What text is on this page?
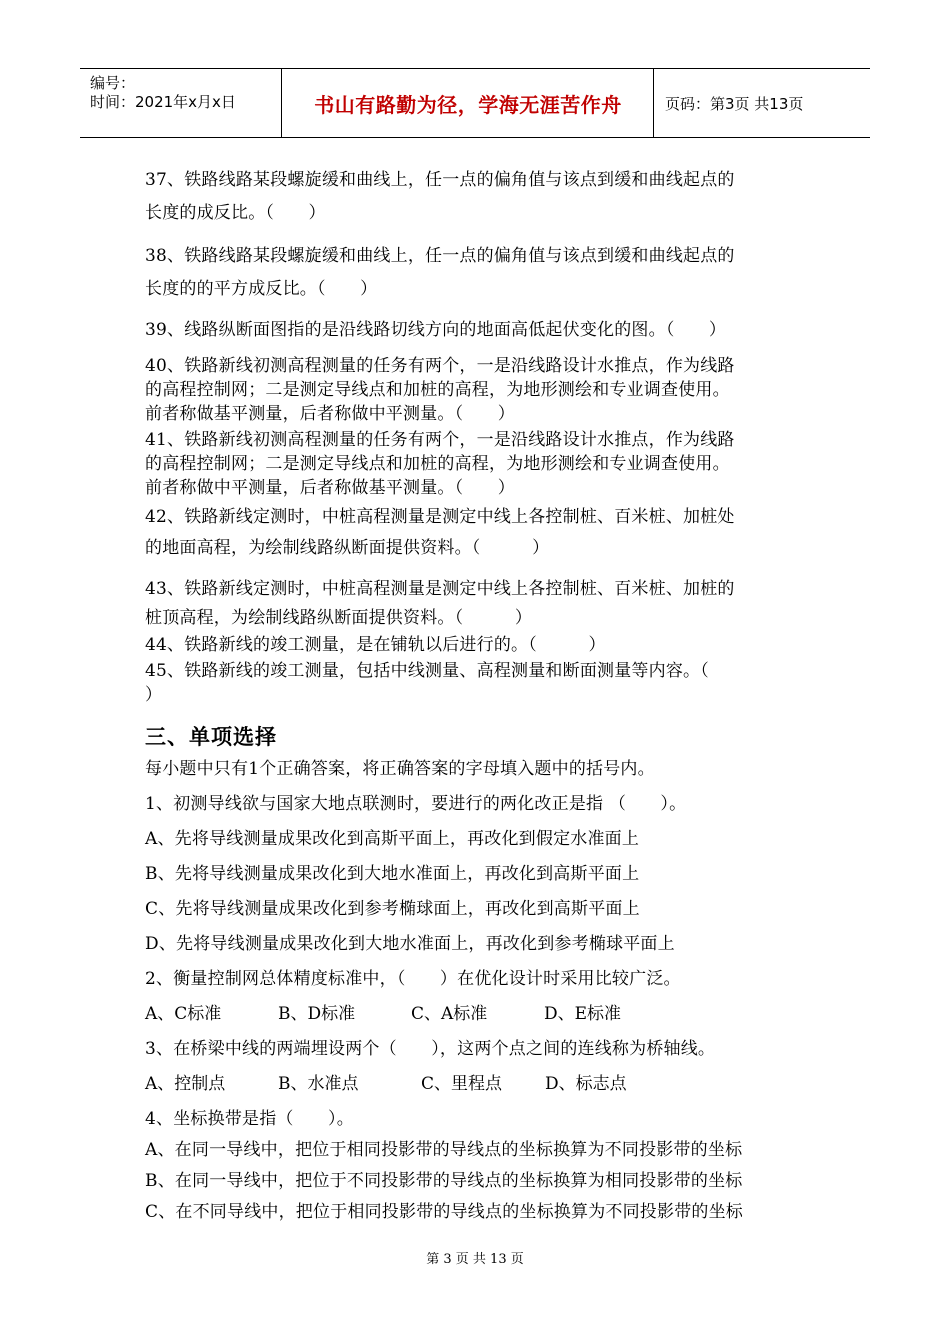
编号：
时间：2021年x月x日	书山有路勤为径，学海无涯苦作舟	页码：第3页 共13页
37、铁路线路某段螺旋缓和曲线上，任一点的偏角值与该点到缓和曲线起点的
长度的成反比。（　　）
38、铁路线路某段螺旋缓和曲线上，任一点的偏角值与该点到缓和曲线起点的
长度的的平方成反比。（　　）
39、线路纵断面图指的是沿线路切线方向的地面高低起伏变化的图。（　　）
40、铁路新线初测高程测量的任务有两个，一是沿线路设计水推点，作为线路
的高程控制网；二是测定导线点和加桩的高程，为地形测绘和专业调查使用。
前者称做基平测量，后者称做中平测量。（　　）
41、铁路新线初测高程测量的任务有两个，一是沿线路设计水推点，作为线路
的高程控制网；二是测定导线点和加桩的高程，为地形测绘和专业调查使用。
前者称做中平测量，后者称做基平测量。（　　）
42、铁路新线定测时，中桩高程测量是测定中线上各控制桩、百米桩、加桩处
的地面高程，为绘制线路纵断面提供资料。（　　　）
43、铁路新线定测时，中桩高程测量是测定中线上各控制桩、百米桩、加桩的
桩顶高程，为绘制线路纵断面提供资料。（　　　）
44、铁路新线的竣工测量，是在铺轨以后进行的。（　　　）
45、铁路新线的竣工测量，包括中线测量、高程测量和断面测量等内容。（
）
三、单项选择
每小题中只有1个正确答案，将正确答案的字母填入题中的括号内。
1、初测导线欲与国家大地点联测时，要进行的两化改正是指 （　　）。
A、先将导线测量成果改化到高斯平面上，再改化到假定水准面上
B、先将导线测量成果改化到大地水准面上，再改化到高斯平面上
C、先将导线测量成果改化到参考椭球面上，再改化到高斯平面上
D、先将导线测量成果改化到大地水准面上，再改化到参考椭球平面上
2、衡量控制网总体精度标准中，（　　）在优化设计时采用比较广泛。
A、C标准	B、D标准	C、A标准	D、E标准
3、在桥梁中线的两端埋设两个（　　），这两个点之间的连线称为桥轴线。
A、控制点	B、水准点	C、里程点	D、标志点
4、坐标换带是指（　　）。
A、在同一导线中，把位于相同投影带的导线点的坐标换算为不同投影带的坐标
B、在同一导线中，把位于不同投影带的导线点的坐标换算为相同投影带的坐标
C、在不同导线中，把位于相同投影带的导线点的坐标换算为不同投影带的坐标
第 3 页 共 13 页
